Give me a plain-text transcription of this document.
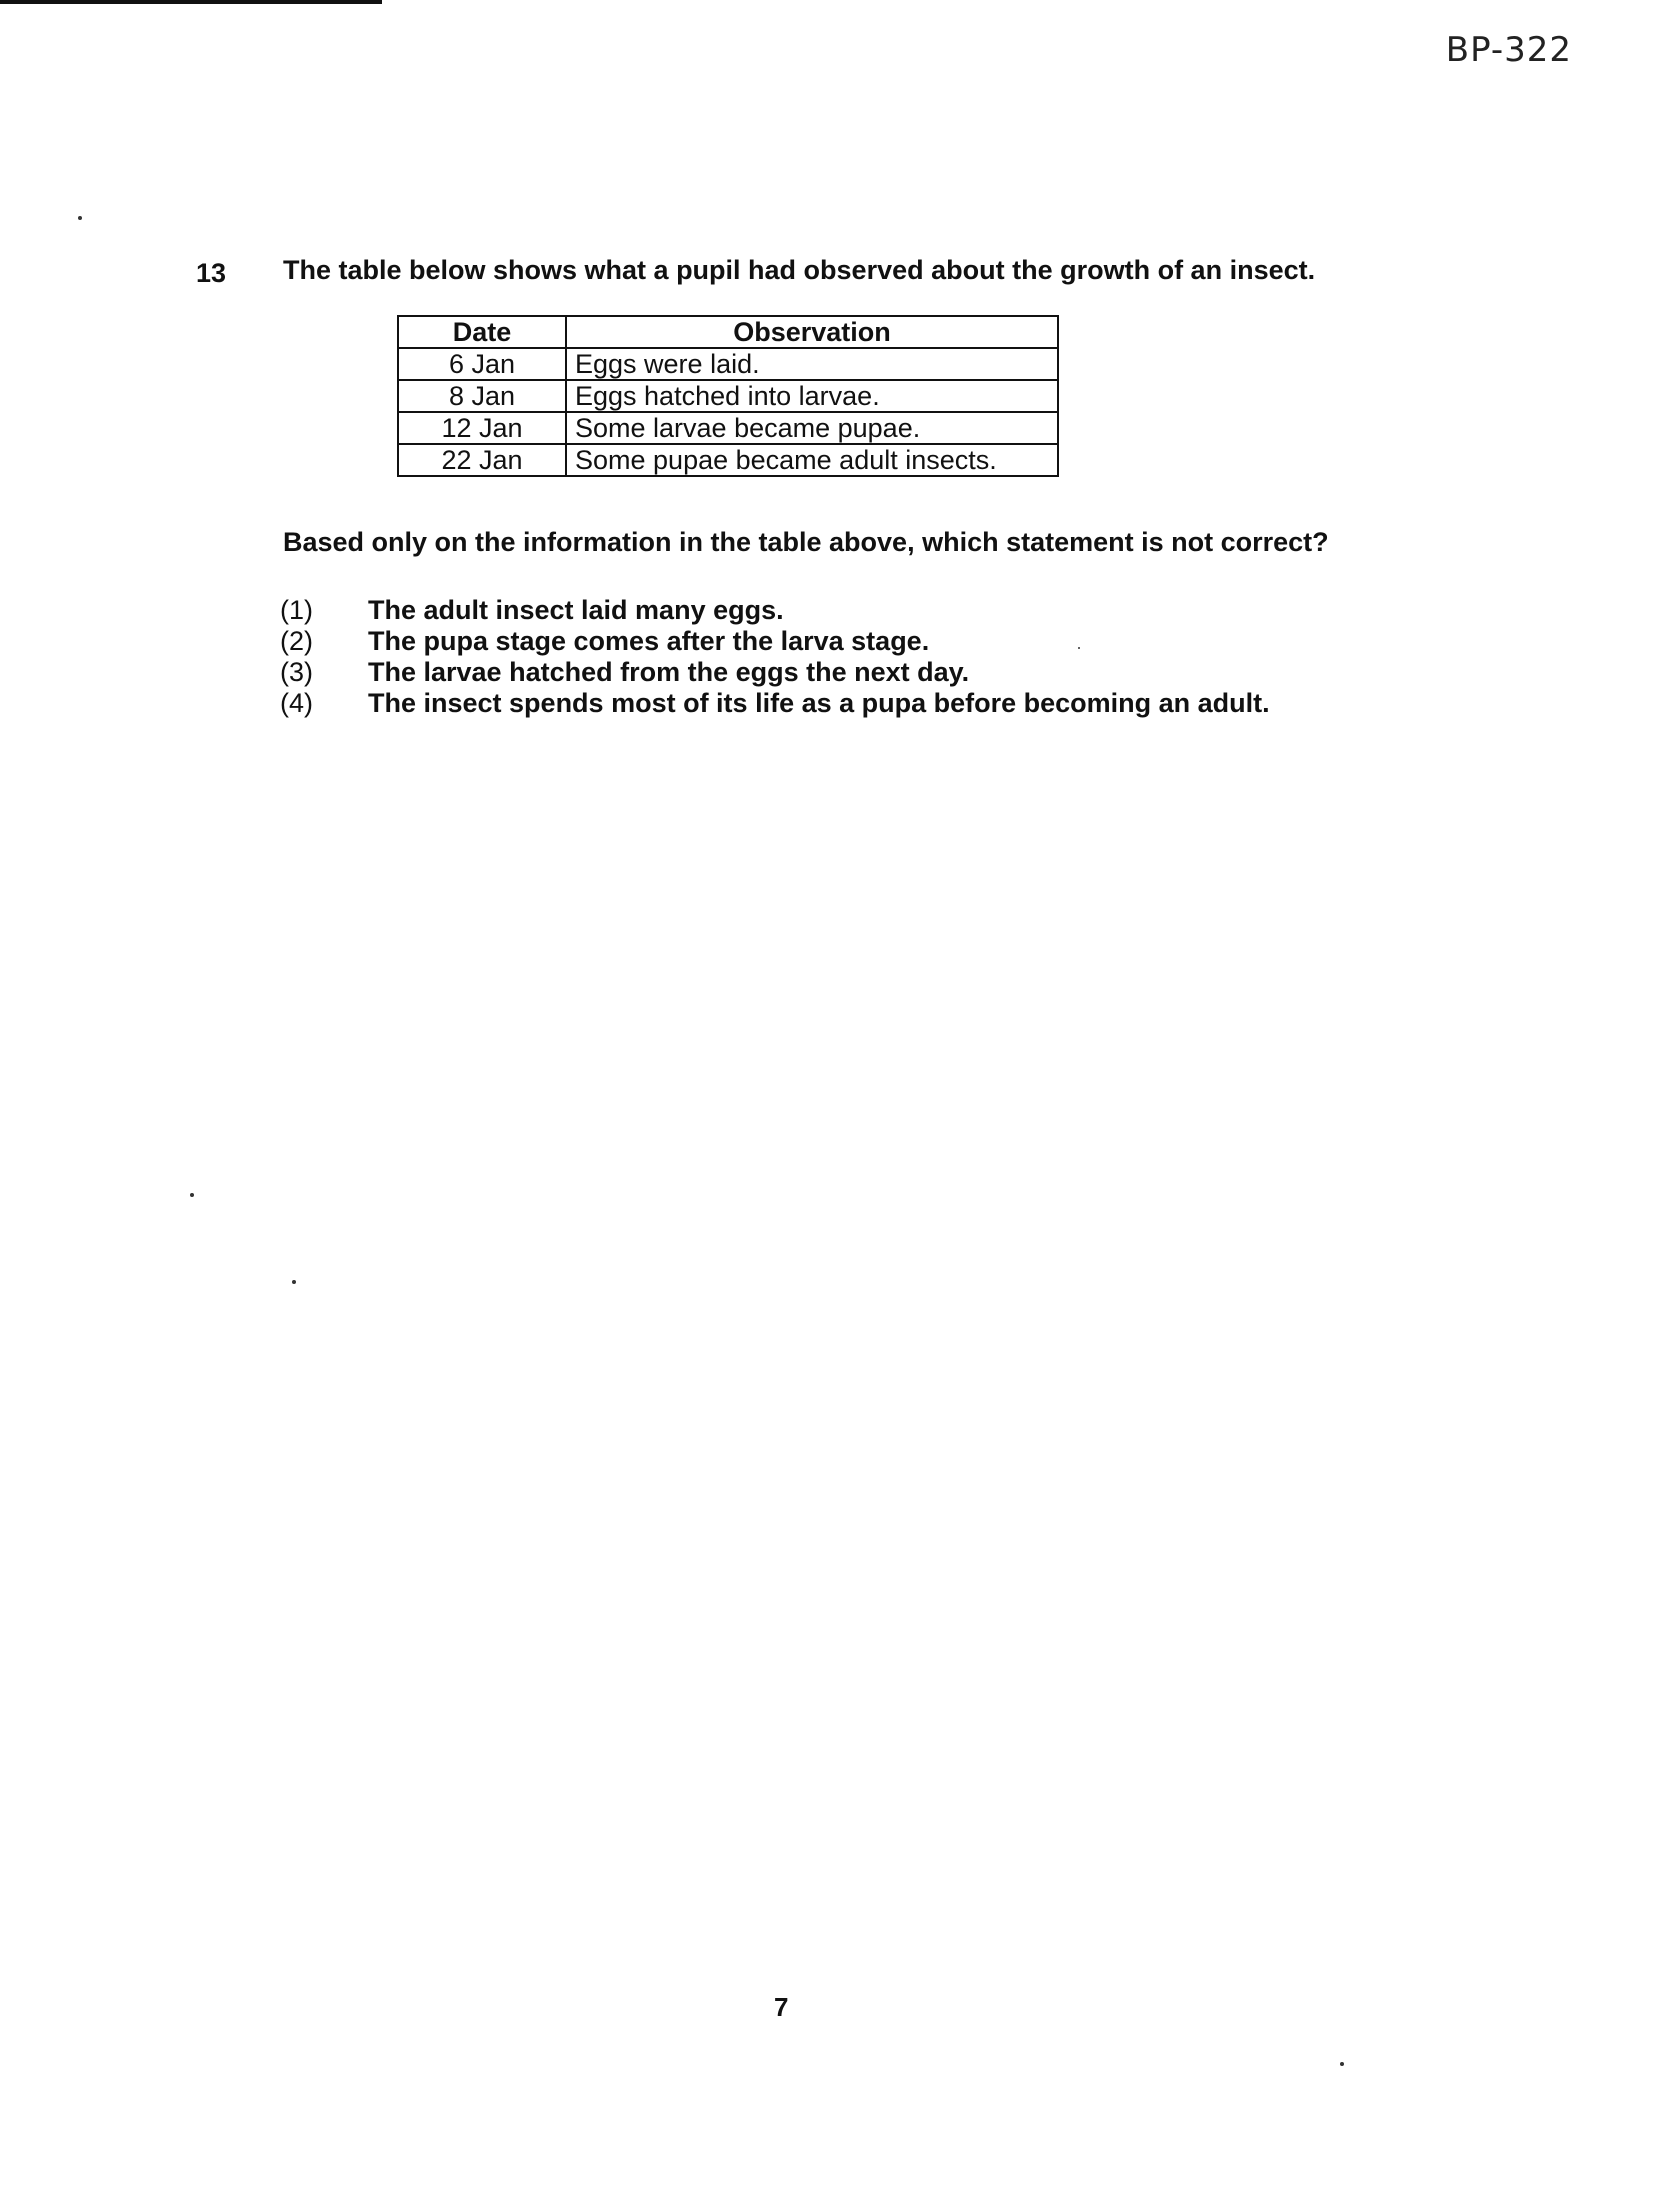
BP-322
13 The table below shows what a pupil had observed about the growth of an insect.
Date	Observation
6 Jan	Eggs were laid.
8 Jan	Eggs hatched into larvae.
12 Jan	Some larvae became pupae.
22 Jan	Some pupae became adult insects.
Based only on the information in the table above, which statement is not correct?
(1) The adult insect laid many eggs.
(2) The pupa stage comes after the larva stage.
(3) The larvae hatched from the eggs the next day.
(4) The insect spends most of its life as a pupa before becoming an adult.
7
